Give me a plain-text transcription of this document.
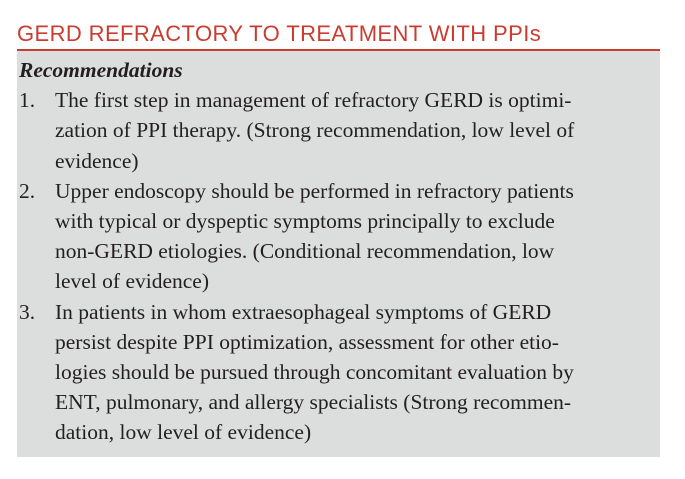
GERD REFRACTORY TO TREATMENT WITH PPIs

Recommendations

1. The first step in management of refractory GERD is optimi-
zation of PPI therapy. (Strong recommendation, low level of
evidence)
2. Upper endoscopy should be performed in refractory patients
with typical or dyspeptic symptoms principally to exclude
non-GERD etiologies. (Conditional recommendation, low
level of evidence)
3. In patients in whom extraesophageal symptoms of GERD
persist despite PPI optimization, assessment for other etio-
logies should be pursued through concomitant evaluation by
ENT, pulmonary, and allergy specialists (Strong recommen-
dation, low level of evidence)
